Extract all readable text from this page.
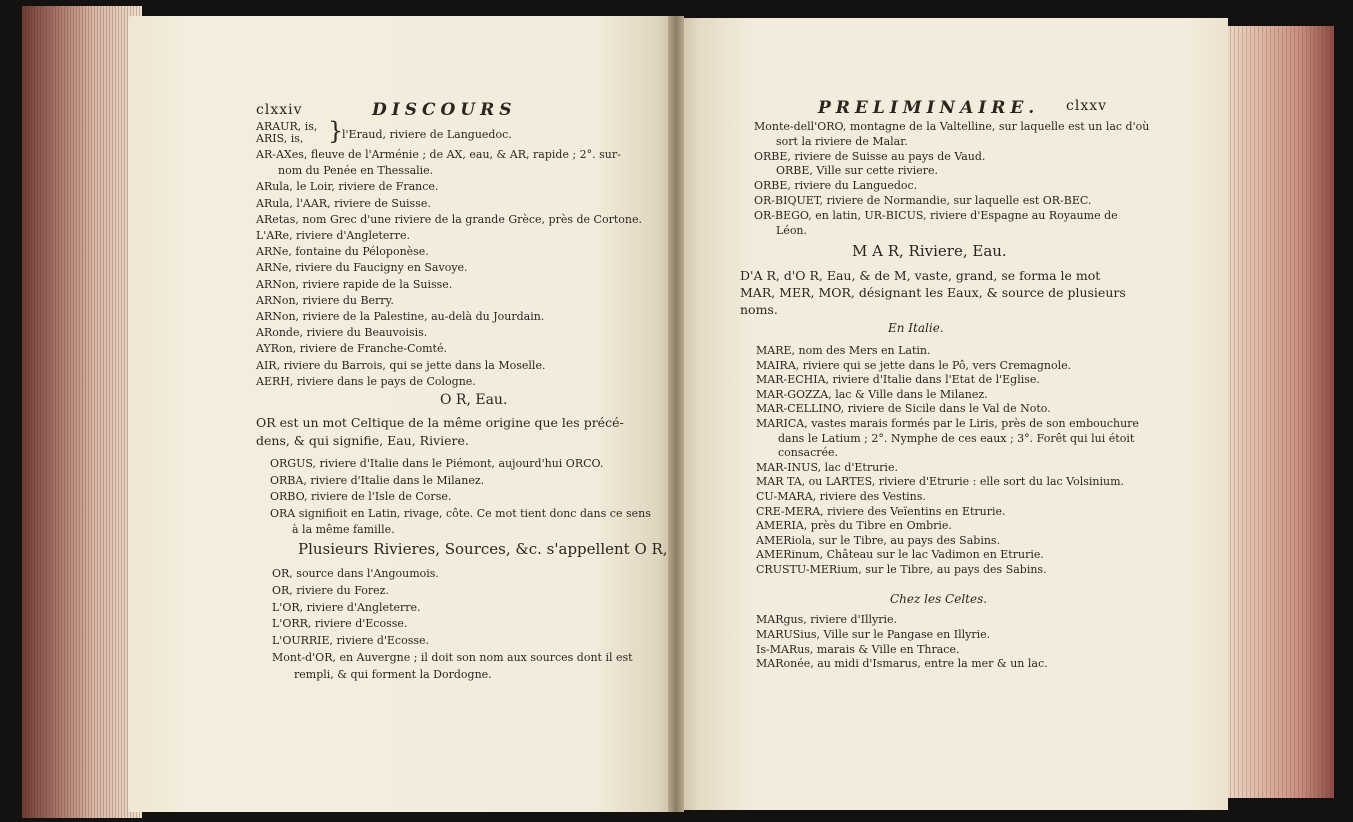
clxxiv	DISCOURS
ARAUR, is,
ARIS, is,	}
l'Eraud, riviere de Languedoc.
AR-AXes, fleuve de l'Arménie ; de AX, eau, & AR, rapide ; 2°. sur-
nom du Penée en Thessalie.
ARula, le Loir, riviere de France.
ARula, l'AAR, riviere de Suisse.
ARetas, nom Grec d'une riviere de la grande Grèce, près de Cortone.
L'ARe, riviere d'Angleterre.
ARNe, fontaine du Péloponèse.
ARNe, riviere du Faucigny en Savoye.
ARNon, riviere rapide de la Suisse.
ARNon, riviere du Berry.
ARNon, riviere de la Palestine, au-delà du Jourdain.
ARonde, riviere du Beauvoisis.
AYRon, riviere de Franche-Comté.
AIR, riviere du Barrois, qui se jette dans la Moselle.
AERH, riviere dans le pays de Cologne.
O R, Eau.
OR est un mot Celtique de la même origine que les précé-
dens, & qui signifie, Eau, Riviere.
ORGUS, riviere d'Italie dans le Piémont, aujourd'hui ORCO.
ORBA, riviere d'Italie dans le Milanez.
ORBO, riviere de l'Isle de Corse.
ORA signifioit en Latin, rivage, côte. Ce mot tient donc dans ce sens
à la même famille.
Plusieurs Rivieres, Sources, &c. s'appellent O R,
OR, source dans l'Angoumois.
OR, riviere du Forez.
L'OR, riviere d'Angleterre.
L'ORR, riviere d'Ecosse.
L'OURRIE, riviere d'Ecosse.
Mont-d'OR, en Auvergne ; il doit son nom aux sources dont il est
rempli, & qui forment la Dordogne.
PRELIMINAIRE. clxxv
Monte-dell'ORO, montagne de la Valtelline, sur laquelle est un lac d'où
sort la riviere de Malar.
ORBE, riviere de Suisse au pays de Vaud.
ORBE, Ville sur cette riviere.
ORBE, riviere du Languedoc.
OR-BIQUET, riviere de Normandie, sur laquelle est OR-BEC.
OR-BEGO, en latin, UR-BICUS, riviere d'Espagne au Royaume de
Léon.
M A R, Riviere, Eau.
D'A R, d'O R, Eau, & de M, vaste, grand, se forma le mot
MAR, MER, MOR, désignant les Eaux, & source de plusieurs
noms.
En Italie.
MARE, nom des Mers en Latin.
MAIRA, riviere qui se jette dans le Pô, vers Cremagnole.
MAR-ECHIA, riviere d'Italie dans l'Etat de l'Eglise.
MAR-GOZZA, lac & Ville dans le Milanez.
MAR-CELLINO, riviere de Sicile dans le Val de Noto.
MARICA, vastes marais formés par le Liris, près de son embouchure
dans le Latium ; 2°. Nymphe de ces eaux ; 3°. Forêt qui lui étoit
consacrée.
MAR-INUS, lac d'Etrurie.
MAR TA, ou LARTES, riviere d'Etrurie : elle sort du lac Volsinium.
CU-MARA, riviere des Vestins.
CRE-MERA, riviere des Veïentins en Etrurie.
AMERIA, près du Tibre en Ombrie.
AMERiola, sur le Tibre, au pays des Sabins.
AMERinum, Château sur le lac Vadimon en Etrurie.
CRUSTU-MERium, sur le Tibre, au pays des Sabins.
Chez les Celtes.
MARgus, riviere d'Illyrie.
MARUSius, Ville sur le Pangase en Illyrie.
Is-MARus, marais & Ville en Thrace.
MARonée, au midi d'Ismarus, entre la mer & un lac.
